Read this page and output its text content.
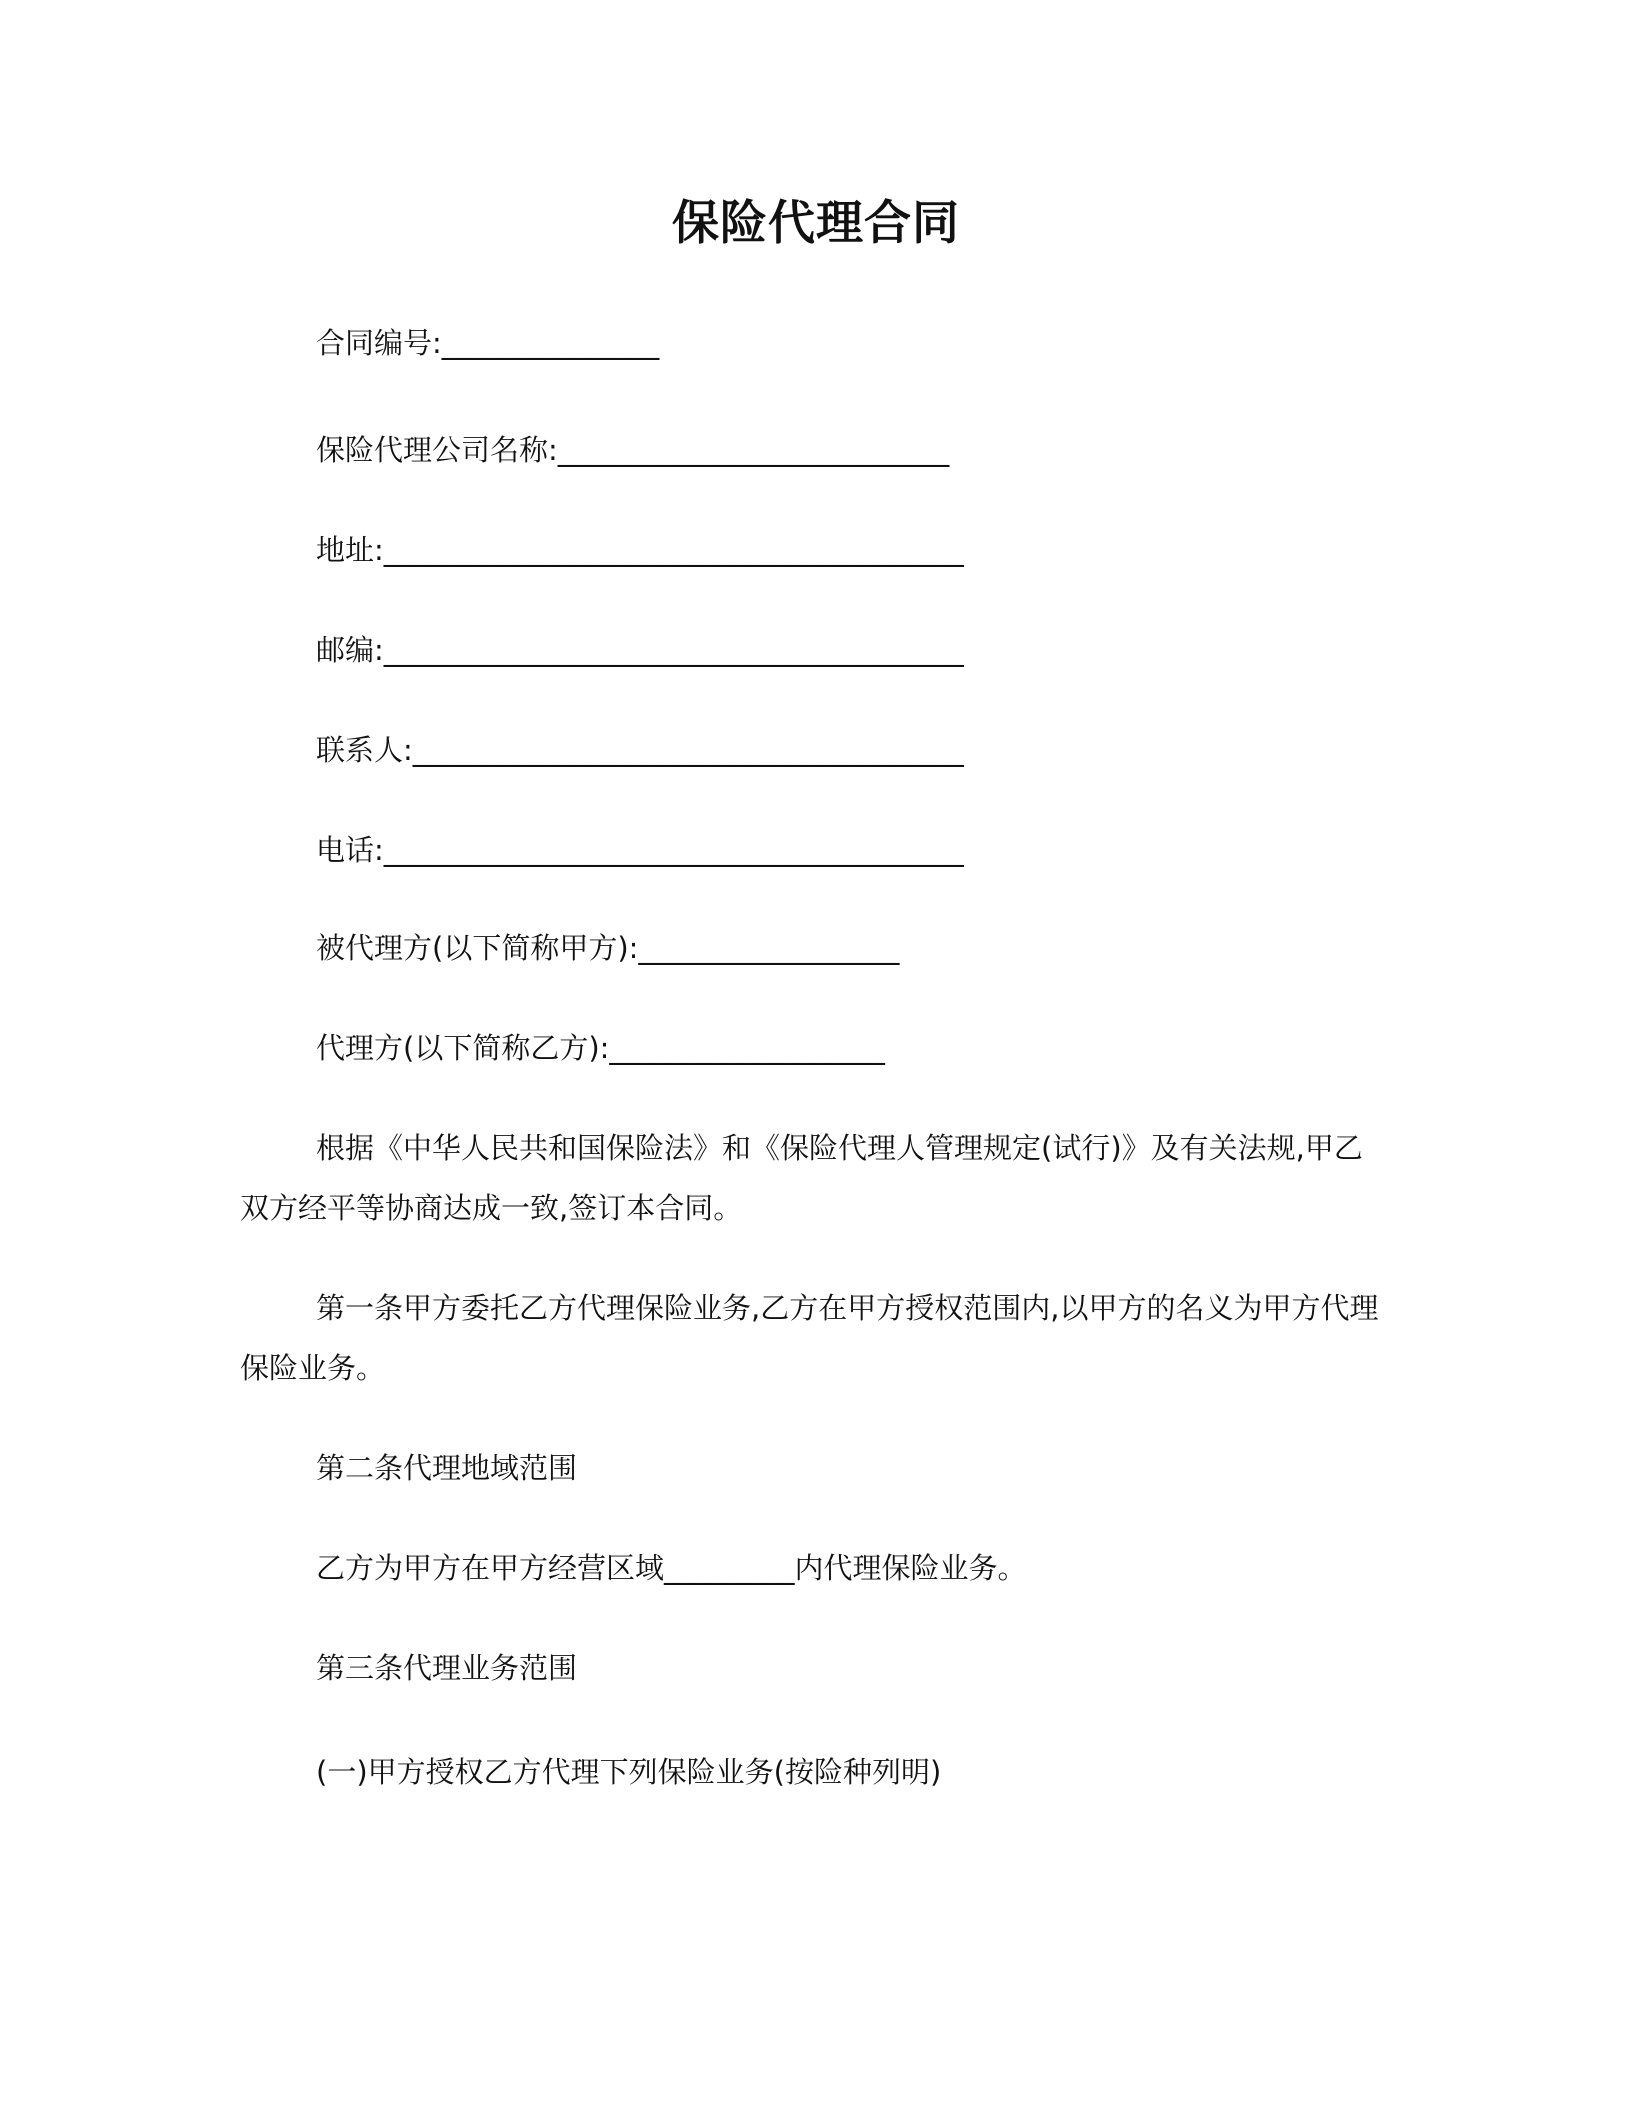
保险代理合同
合同编号:_______________
保险代理公司名称:___________________________
地址:________________________________________
邮编:________________________________________
联系人:______________________________________
电话:________________________________________
被代理方(以下简称甲方):__________________
代理方(以下简称乙方):___________________
根据《中华人民共和国保险法》和《保险代理人管理规定(试行)》及有关法规,甲乙双方经平等协商达成一致,签订本合同。
第一条甲方委托乙方代理保险业务,乙方在甲方授权范围内,以甲方的名义为甲方代理保险业务。
第二条代理地域范围
乙方为甲方在甲方经营区域_________内代理保险业务。
第三条代理业务范围
(一)甲方授权乙方代理下列保险业务(按险种列明)
